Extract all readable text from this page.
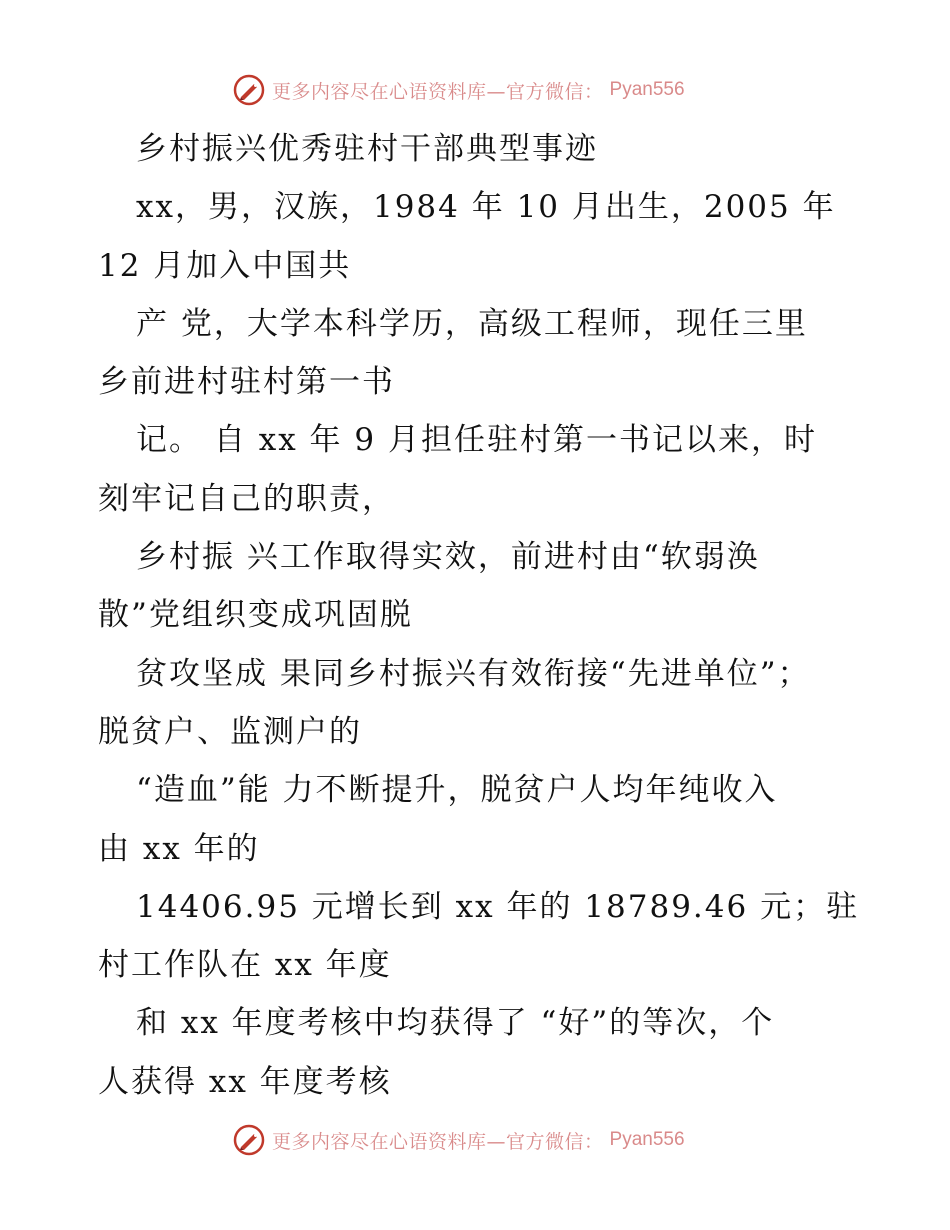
更多内容尽在心语资料库—官方微信： Pyan556
乡村振兴优秀驻村干部典型事迹
xx，男，汉族，1984 年 10 月出生，2005 年
12 月加入中国共
产 党，大学本科学历，高级工程师，现任三里
乡前进村驻村第一书
记。 自 xx 年 9 月担任驻村第一书记以来，时
刻牢记自己的职责，
乡村振 兴工作取得实效，前进村由“软弱涣
散”党组织变成巩固脱
贫攻坚成 果同乡村振兴有效衔接“先进单位”；
脱贫户、监测户的
“造血”能 力不断提升，脱贫户人均年纯收入
由 xx 年的
14406.95 元增长到 xx 年的 18789.46 元；驻
村工作队在 xx 年度
和 xx 年度考核中均获得了 “好”的等次，个
人获得 xx 年度考核
更多内容尽在心语资料库—官方微信： Pyan556
